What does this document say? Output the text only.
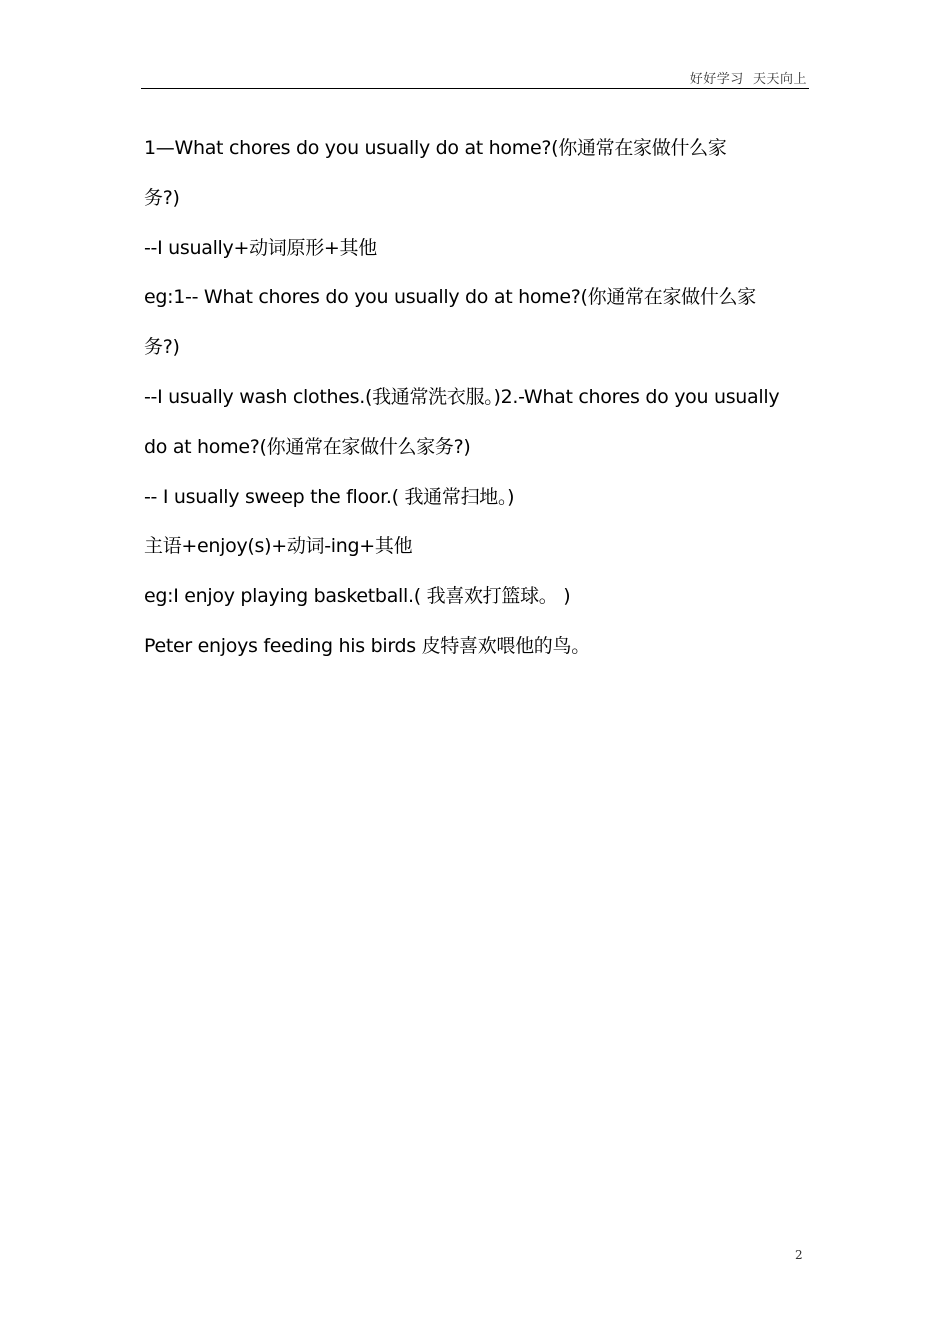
好好学习  天天向上
1—What chores do you usually do at home?(你通常在家做什么家
务?)
--I usually+动词原形+其他
eg:1-- What chores do you usually do at home?(你通常在家做什么家
务?)
--I usually wash clothes.(我通常洗衣服。)2.-What chores do you usually
do at home?(你通常在家做什么家务?)
-- I usually sweep the floor.( 我通常扫地。)
主语+enjoy(s)+动词-ing+其他
eg:I enjoy playing basketball.( 我喜欢打篮球。 )
Peter enjoys feeding his birds 皮特喜欢喂他的鸟。
2
